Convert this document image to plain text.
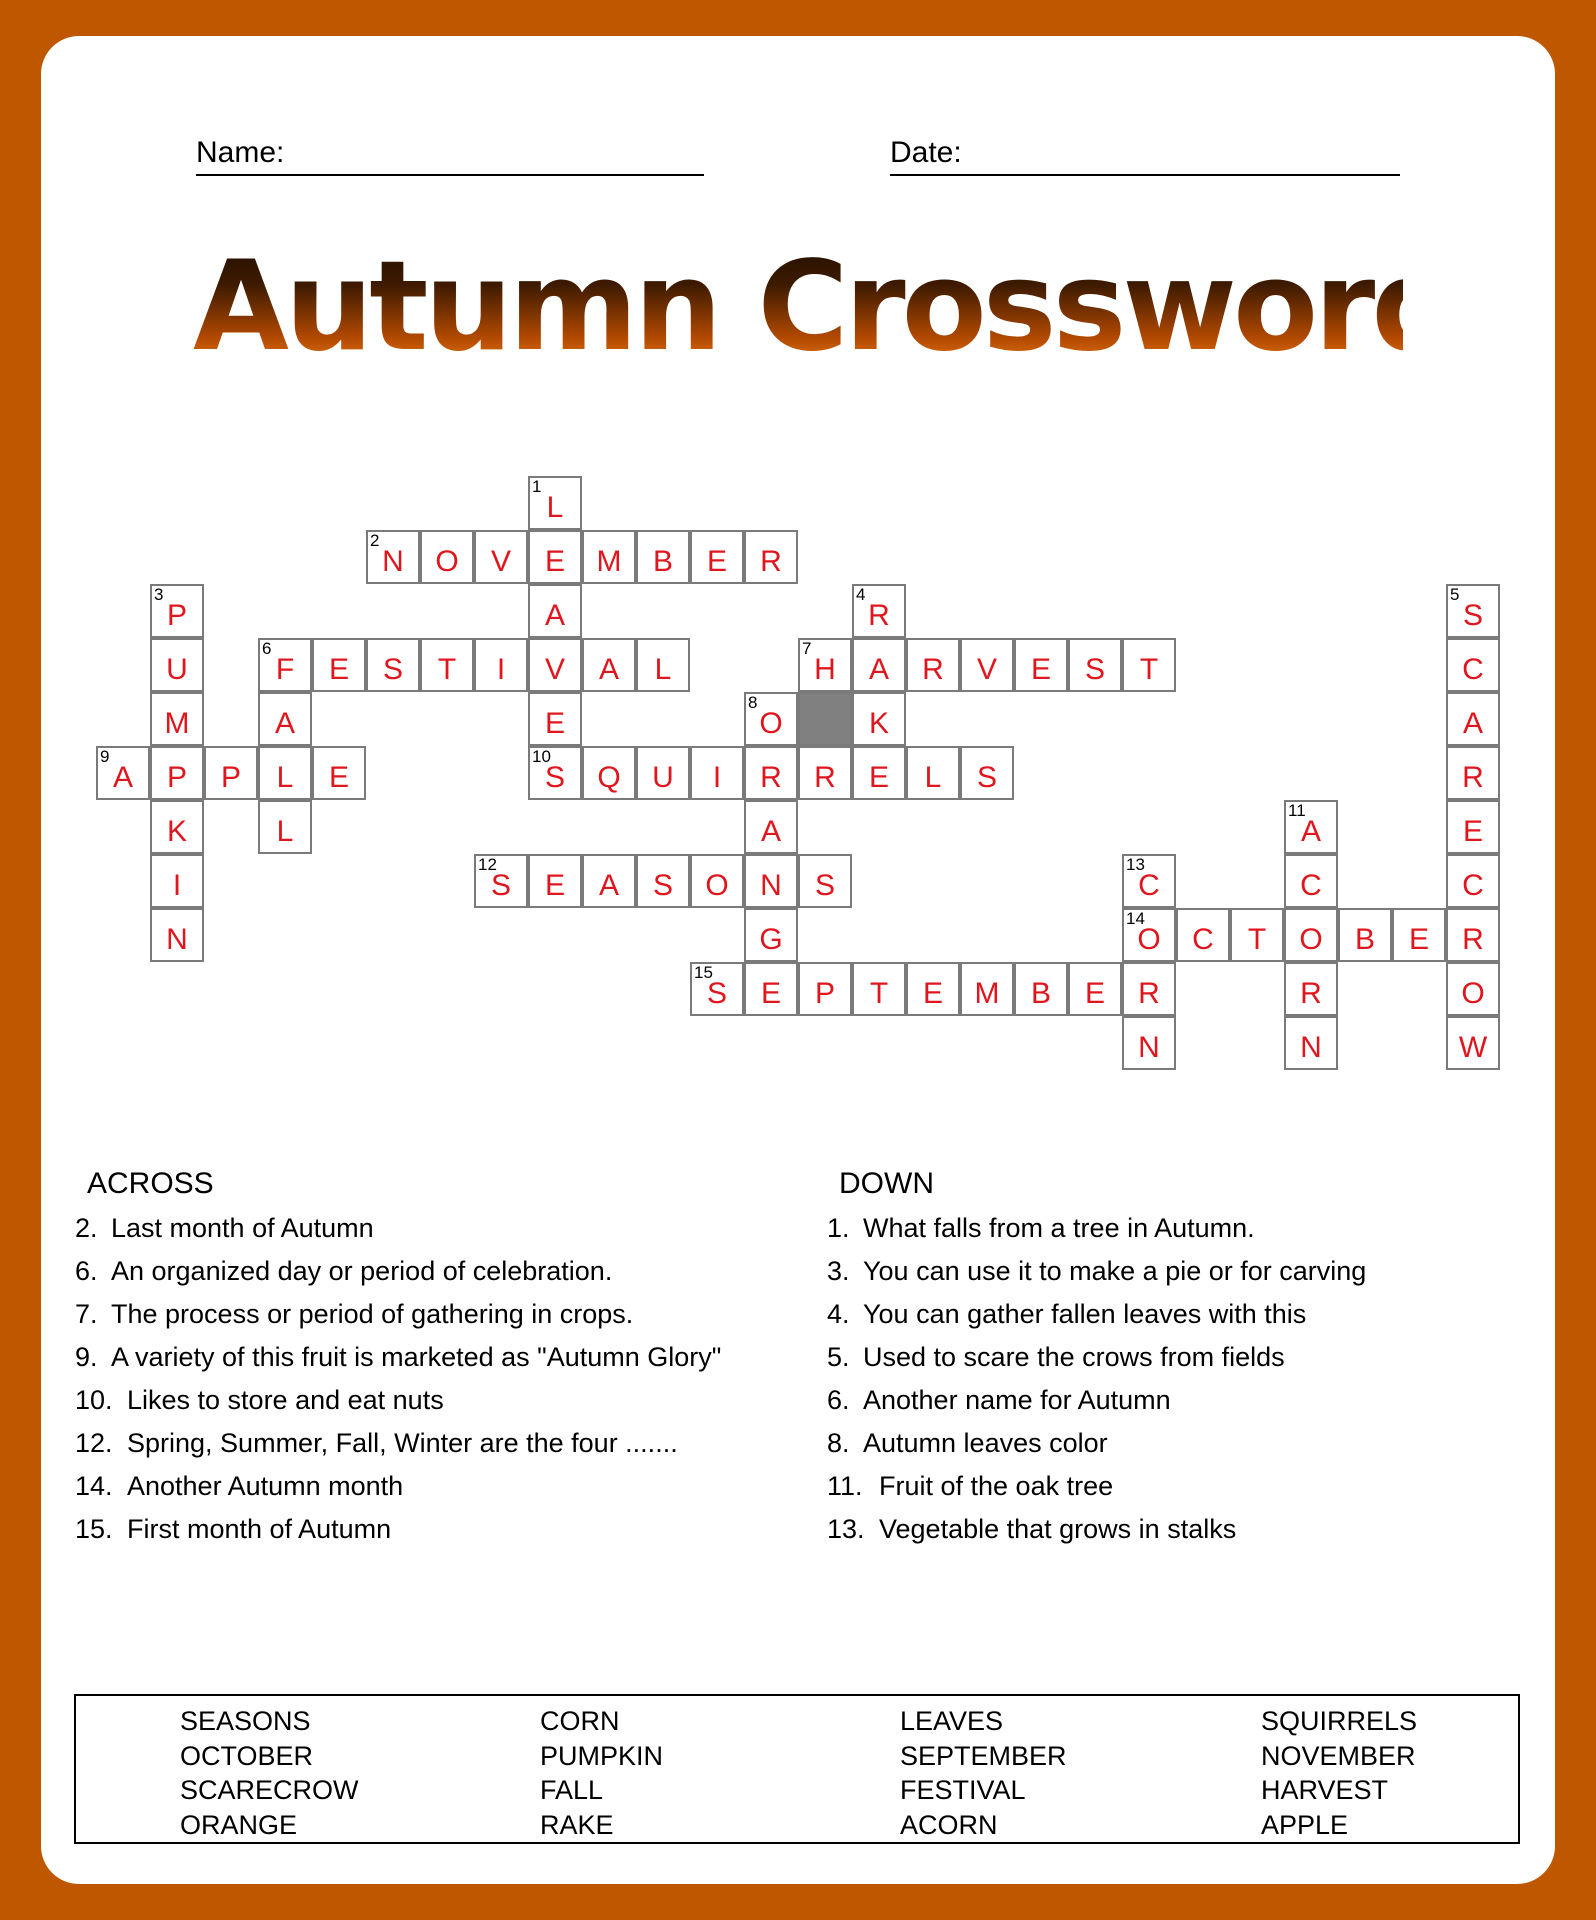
Name:	Date:
Autumn Crossword
1
L
E
A
V
E
10
S
2
N	O	V	M	B	E	R
3
P
U
M
P
K
I
N
4
R
A
K
E
5
S
C
A
R
E
C
R
O
W
6
F	E	S	T	I	A	L
A
L
L
7
H	R	V	E	S	T
8
O
R
A
N
G
E
9
A	P	E	Q	U	I	R	L	S
11
A
C
O
R
N
12
S	E	A	S	O	S
13
C
14
O
R
N
C	T	B	E
15
S	P	T	E	M	B	E
ACROSS
2. Last month of Autumn
6. An organized day or period of celebration.
7. The process or period of gathering in crops.
9. A variety of this fruit is marketed as "Autumn Glory"
10. Likes to store and eat nuts
12. Spring, Summer, Fall, Winter are the four .......
14. Another Autumn month
15. First month of Autumn
DOWN
1. What falls from a tree in Autumn.
3. You can use it to make a pie or for carving
4. You can gather fallen leaves with this
5. Used to scare the crows from fields
6. Another name for Autumn
8. Autumn leaves color
11. Fruit of the oak tree
13. Vegetable that grows in stalks
SEASONS
OCTOBER
SCARECROW
ORANGE
CORN
PUMPKIN
FALL
RAKE
LEAVES
SEPTEMBER
FESTIVAL
ACORN
SQUIRRELS
NOVEMBER
HARVEST
APPLE
